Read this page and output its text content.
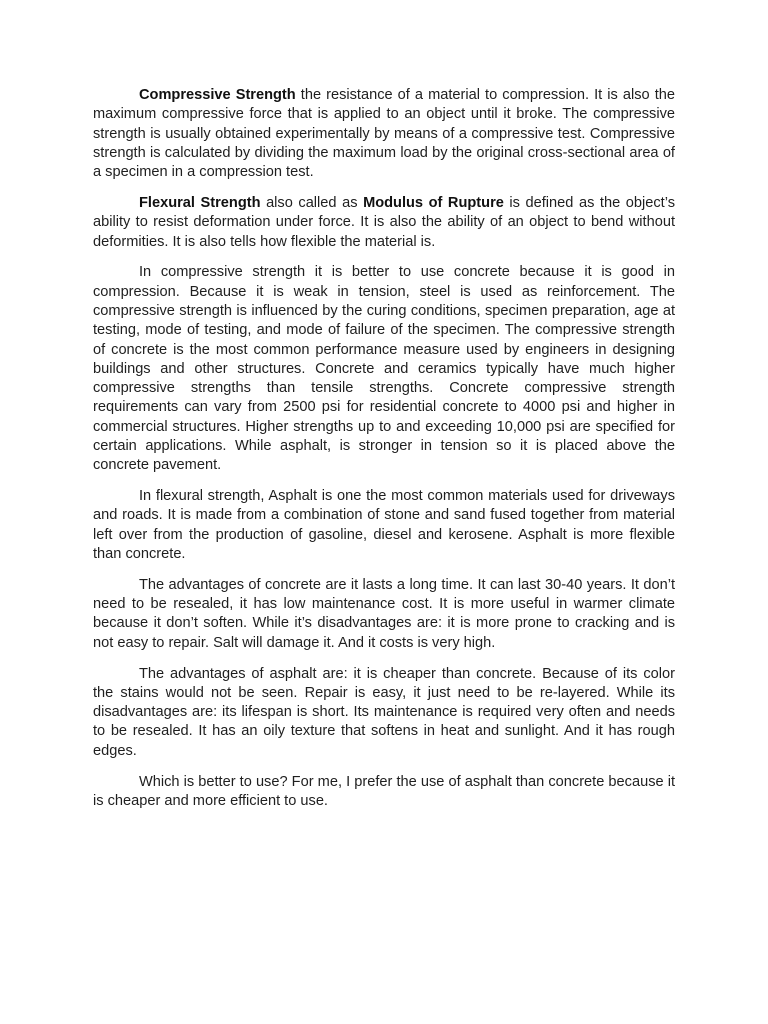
Compressive Strength the resistance of a material to compression. It is also the maximum compressive force that is applied to an object until it broke. The compressive strength is usually obtained experimentally by means of a compressive test. Compressive strength is calculated by dividing the maximum load by the original cross-sectional area of a specimen in a compression test.

Flexural Strength also called as Modulus of Rupture is defined as the object’s ability to resist deformation under force. It is also the ability of an object to bend without deformities. It is also tells how flexible the material is.

In compressive strength it is better to use concrete because it is good in compression. Because it is weak in tension, steel is used as reinforcement. The compressive strength is influenced by the curing conditions, specimen preparation, age at testing, mode of testing, and mode of failure of the specimen. The compressive strength of concrete is the most common performance measure used by engineers in designing buildings and other structures. Concrete and ceramics typically have much higher compressive strengths than tensile strengths. Concrete compressive strength requirements can vary from 2500 psi for residential concrete to 4000 psi and higher in commercial structures. Higher strengths up to and exceeding 10,000 psi are specified for certain applications. While asphalt, is stronger in tension so it is placed above the concrete pavement.

In flexural strength, Asphalt is one the most common materials used for driveways and roads. It is made from a combination of stone and sand fused together from material left over from the production of gasoline, diesel and kerosene. Asphalt is more flexible than concrete.

The advantages of concrete are it lasts a long time. It can last 30-40 years. It don’t need to be resealed, it has low maintenance cost. It is more useful in warmer climate because it don’t soften. While it’s disadvantages are: it is more prone to cracking and is not easy to repair. Salt will damage it. And it costs is very high.

The advantages of asphalt are: it is cheaper than concrete. Because of its color the stains would not be seen. Repair is easy, it just need to be re-layered. While its disadvantages are: its lifespan is short. Its maintenance is required very often and needs to be resealed. It has an oily texture that softens in heat and sunlight. And it has rough edges.

Which is better to use? For me, I prefer the use of asphalt than concrete because it is cheaper and more efficient to use.
